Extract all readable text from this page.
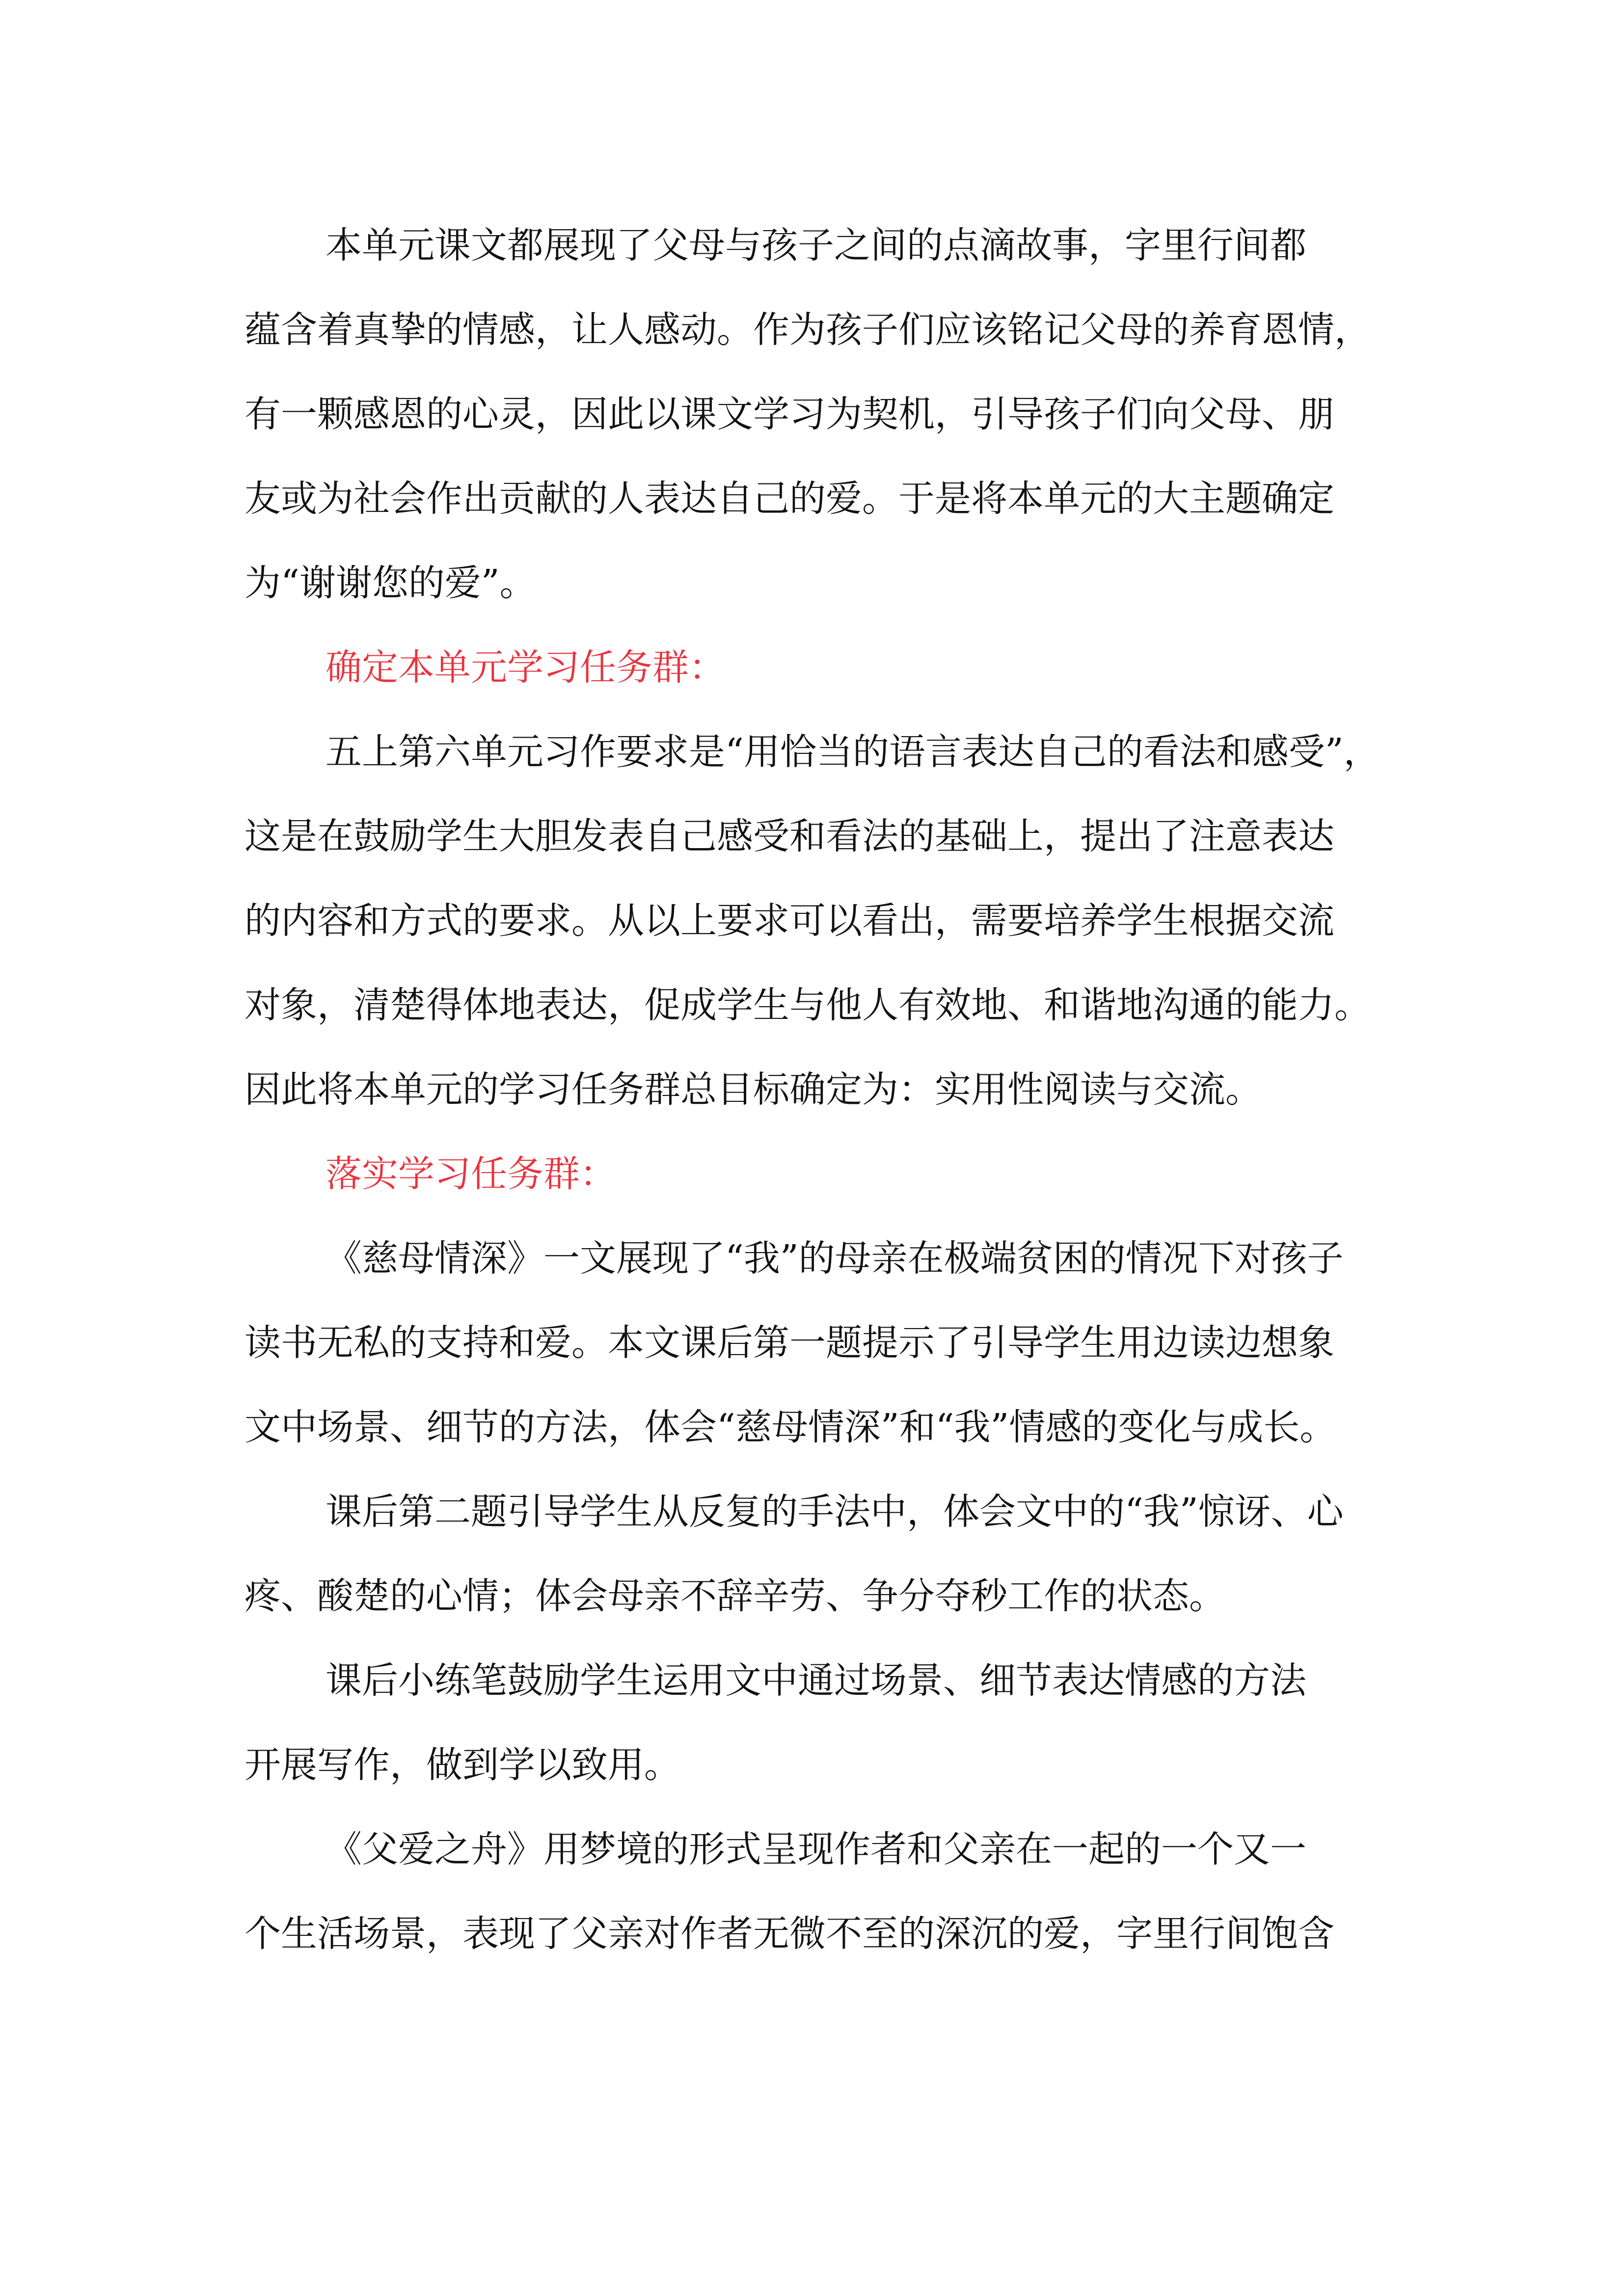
本单元课文都展现了父母与孩子之间的点滴故事，字里行间都
蕴含着真挚的情感，让人感动。作为孩子们应该铭记父母的养育恩情，
有一颗感恩的心灵，因此以课文学习为契机，引导孩子们向父母、朋
友或为社会作出贡献的人表达自己的爱。于是将本单元的大主题确定
为“谢谢您的爱”。
确定本单元学习任务群：
五上第六单元习作要求是“用恰当的语言表达自己的看法和感受”，
这是在鼓励学生大胆发表自己感受和看法的基础上，提出了注意表达
的内容和方式的要求。从以上要求可以看出，需要培养学生根据交流
对象，清楚得体地表达，促成学生与他人有效地、和谐地沟通的能力。
因此将本单元的学习任务群总目标确定为：实用性阅读与交流。
落实学习任务群：
《慈母情深》一文展现了“我”的母亲在极端贫困的情况下对孩子
读书无私的支持和爱。本文课后第一题提示了引导学生用边读边想象
文中场景、细节的方法，体会“慈母情深”和“我”情感的变化与成长。
课后第二题引导学生从反复的手法中，体会文中的“我”惊讶、心
疼、酸楚的心情；体会母亲不辞辛劳、争分夺秒工作的状态。
课后小练笔鼓励学生运用文中通过场景、细节表达情感的方法
开展写作，做到学以致用。
《父爱之舟》用梦境的形式呈现作者和父亲在一起的一个又一
个生活场景，表现了父亲对作者无微不至的深沉的爱，字里行间饱含
